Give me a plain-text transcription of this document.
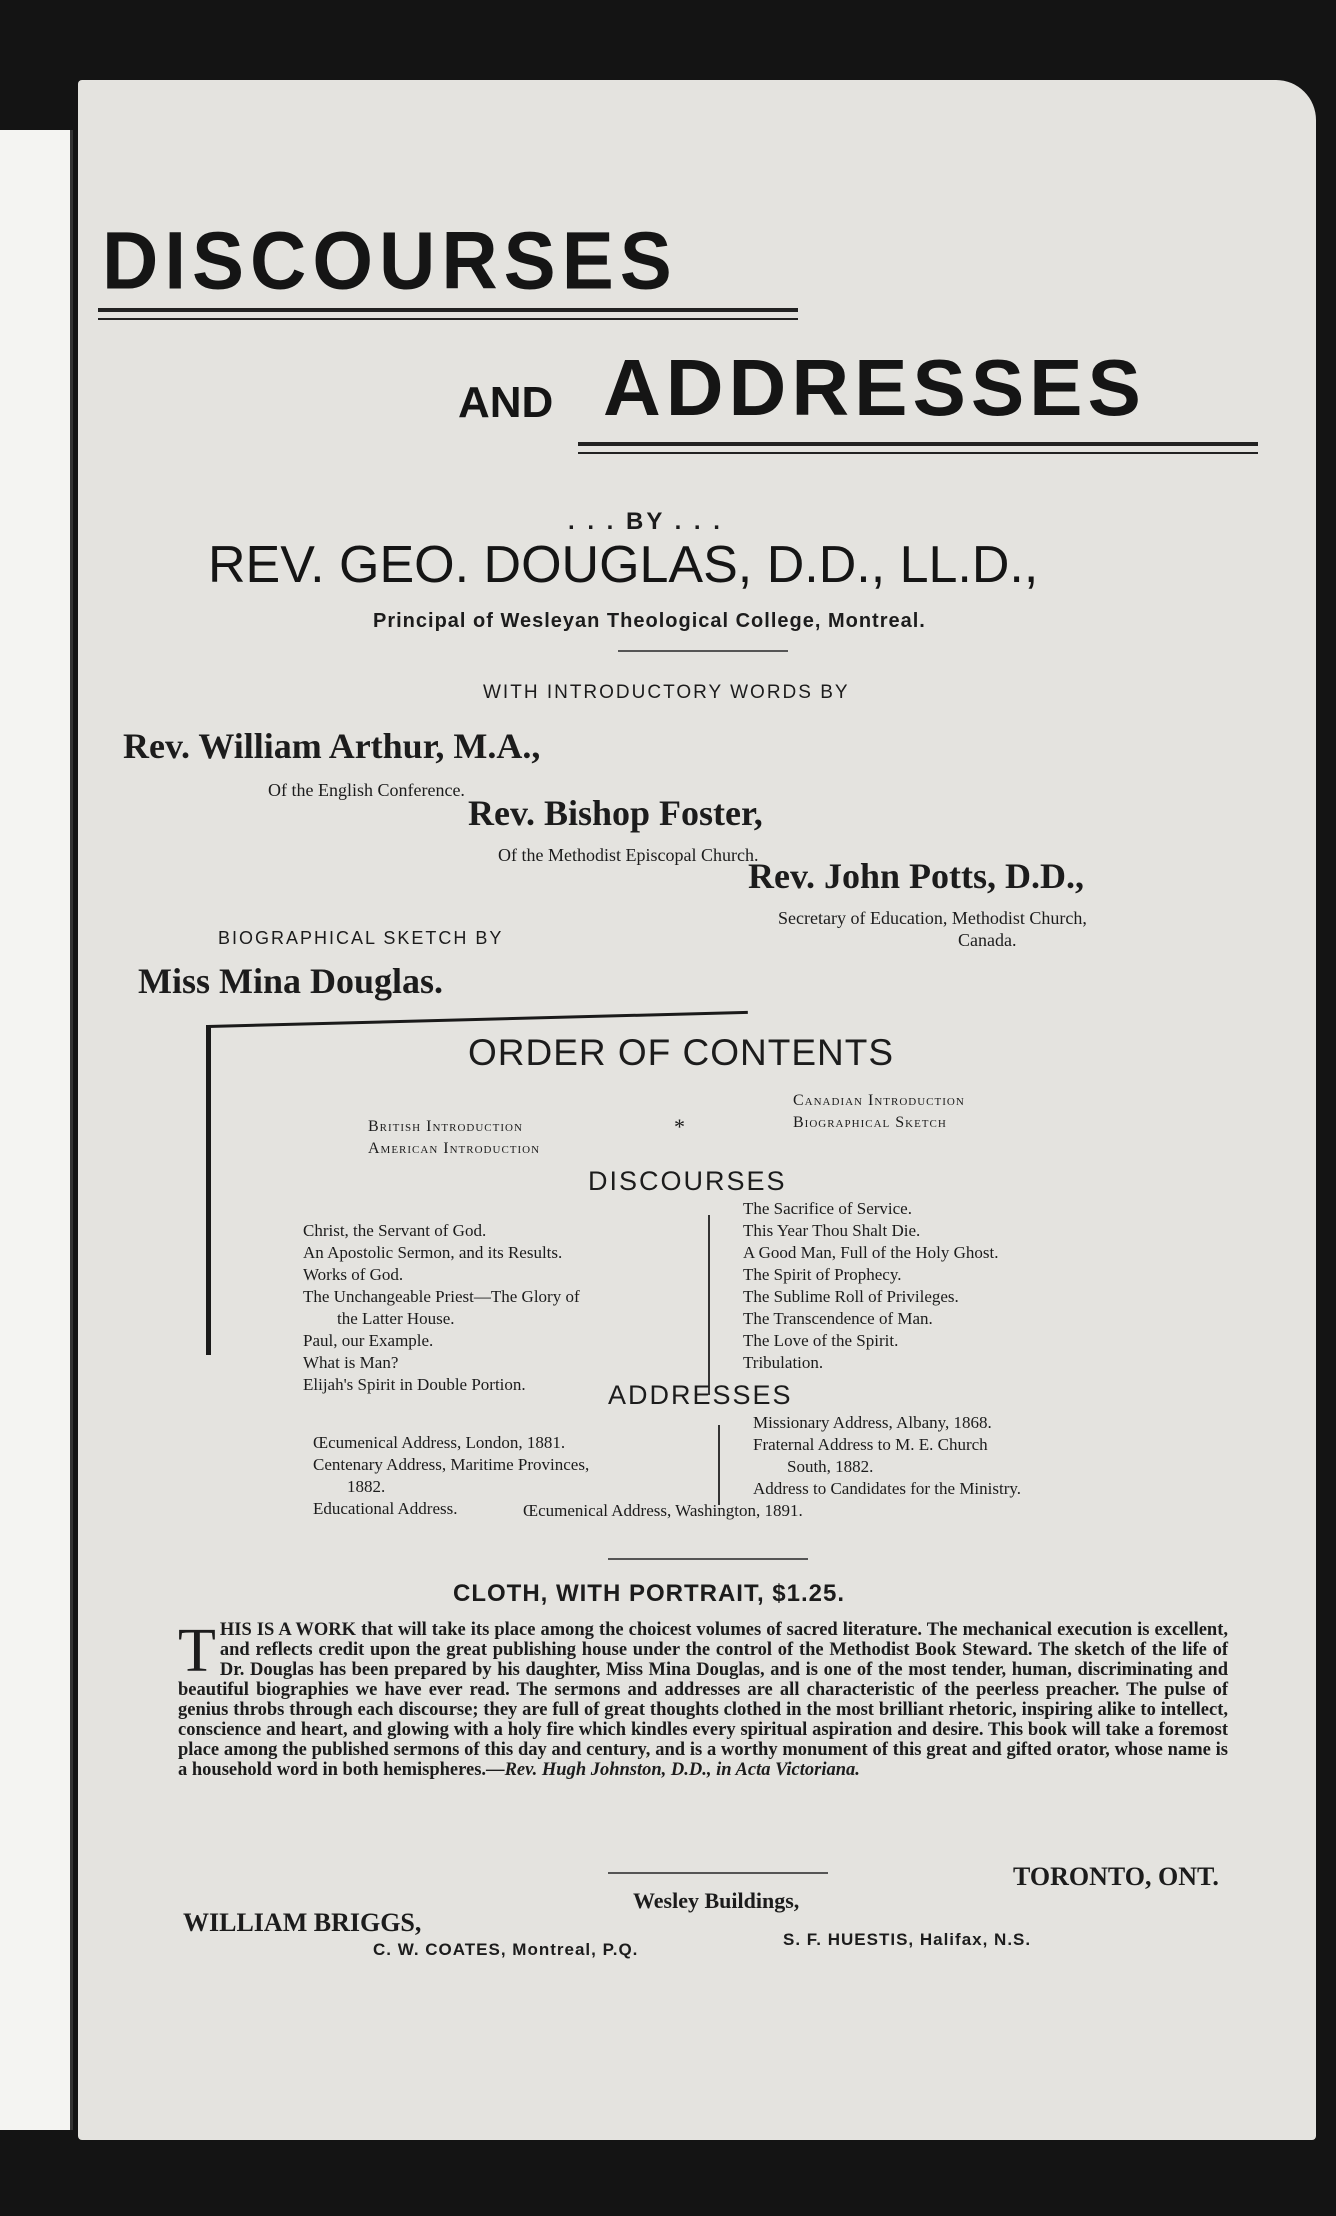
DISCOURSES
AND ADDRESSES
. . . BY . . .
REV. GEO. DOUGLAS, D.D., LL.D.,
Principal of Wesleyan Theological College, Montreal.
WITH INTRODUCTORY WORDS BY
Rev. William Arthur, M.A.,
Of the English Conference.
Rev. Bishop Foster,
Of the Methodist Episcopal Church.
Rev. John Potts, D.D.,
Secretary of Education, Methodist Church,
Canada.
BIOGRAPHICAL SKETCH BY
Miss Mina Douglas.
ORDER OF CONTENTS
British Introduction
American Introduction
*
Canadian Introduction
Biographical Sketch
DISCOURSES
Christ, the Servant of God.
An Apostolic Sermon, and its Results.
Works of God.
The Unchangeable Priest—The Glory of
the Latter House.
Paul, our Example.
What is Man?
Elijah's Spirit in Double Portion.
The Sacrifice of Service.
This Year Thou Shalt Die.
A Good Man, Full of the Holy Ghost.
The Spirit of Prophecy.
The Sublime Roll of Privileges.
The Transcendence of Man.
The Love of the Spirit.
Tribulation.
ADDRESSES
Œcumenical Address, London, 1881.
Centenary Address, Maritime Provinces,
1882.
Educational Address.
Missionary Address, Albany, 1868.
Fraternal Address to M. E. Church
South, 1882.
Address to Candidates for the Ministry.
Œcumenical Address, Washington, 1891.
CLOTH, WITH PORTRAIT, $1.25.
THIS IS A WORK that will take its place among the choicest volumes of sacred literature. The mechanical execution is excellent, and reflects credit upon the great publishing house under the control of the Methodist Book Steward. The sketch of the life of Dr. Douglas has been prepared by his daughter, Miss Mina Douglas, and is one of the most tender, human, discriminating and beautiful biographies we have ever read. The sermons and addresses are all characteristic of the peerless preacher. The pulse of genius throbs through each discourse; they are full of great thoughts clothed in the most brilliant rhetoric, inspiring alike to intellect, conscience and heart, and glowing with a holy fire which kindles every spiritual aspiration and desire. This book will take a foremost place among the published sermons of this day and century, and is a worthy monument of this great and gifted orator, whose name is a household word in both hemispheres.—Rev. Hugh Johnston, D.D., in Acta Victoriana.
WILLIAM BRIGGS,
Wesley Buildings,
TORONTO, ONT.
C. W. COATES, Montreal, P.Q.
S. F. HUESTIS, Halifax, N.S.
